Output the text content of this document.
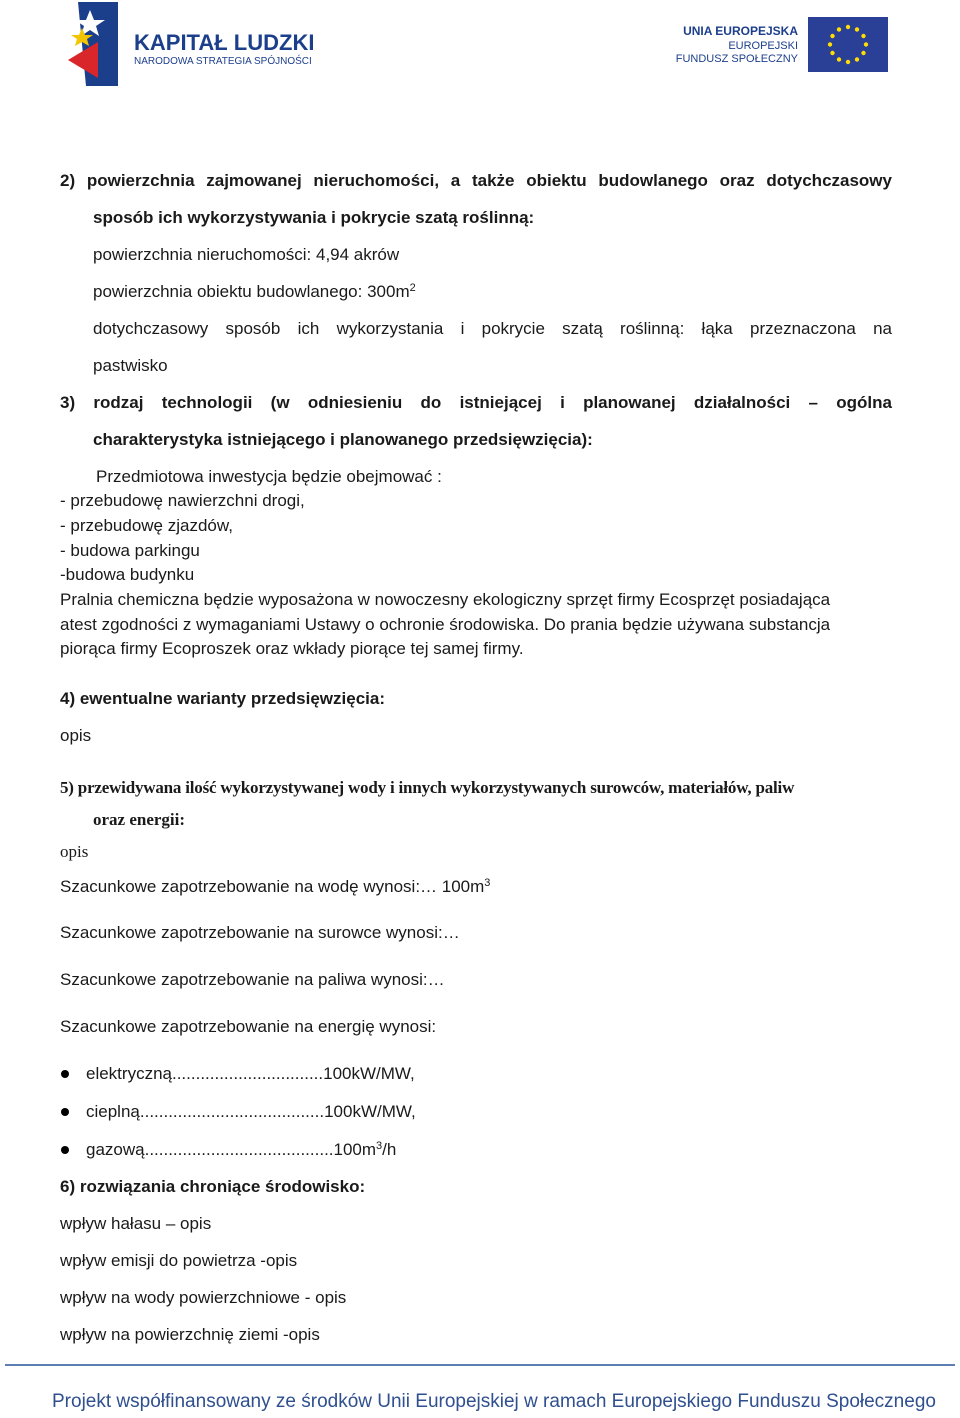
KAPITAŁ LUDZKI
NARODOWA STRATEGIA SPÓJNOŚCI
UNIA EUROPEJSKA
EUROPEJSKI
FUNDUSZ SPOŁECZNY
2) powierzchnia zajmowanej nieruchomości, a także obiektu budowlanego oraz dotychczasowy
sposób ich wykorzystywania i pokrycie szatą roślinną:
powierzchnia nieruchomości: 4,94 akrów
powierzchnia obiektu budowlanego: $300m^2$
dotychczasowy sposób ich wykorzystania i pokrycie szatą roślinną: łąka przeznaczona na
pastwisko
3) rodzaj technologii (w odniesieniu do istniejącej i planowanej działalności – ogólna
charakterystyka istniejącego i planowanego przedsięwzięcia):
Przedmiotowa inwestycja będzie obejmować :
- przebudowę nawierzchni drogi,
- przebudowę zjazdów,
- budowa parkingu
-budowa budynku
Pralnia chemiczna będzie wyposażona w nowoczesny ekologiczny sprzęt firmy Ecosprzęt posiadająca
atest zgodności z wymaganiami Ustawy o ochronie środowiska. Do prania będzie używana substancja
piorąca firmy Ecoproszek oraz wkłady piorące tej samej firmy.
4) ewentualne warianty przedsięwzięcia:
opis
5) przewidywana ilość wykorzystywanej wody i innych wykorzystywanych surowców, materiałów, paliw
oraz energii:
opis
Szacunkowe zapotrzebowanie na wodę wynosi:… $100m^3$
Szacunkowe zapotrzebowanie na surowce wynosi:…
Szacunkowe zapotrzebowanie na paliwa wynosi:…
Szacunkowe zapotrzebowanie na energię wynosi:
elektryczną................................100kW/MW,
cieplną.......................................100kW/MW,
$gazową........................................100m^3/h$
6) rozwiązania chroniące środowisko:
wpływ hałasu – opis
wpływ emisji do powietrza -opis
wpływ na wody powierzchniowe - opis
wpływ na powierzchnię ziemi -opis
Projekt współfinansowany ze środków Unii Europejskiej w ramach Europejskiego Funduszu Społecznego
